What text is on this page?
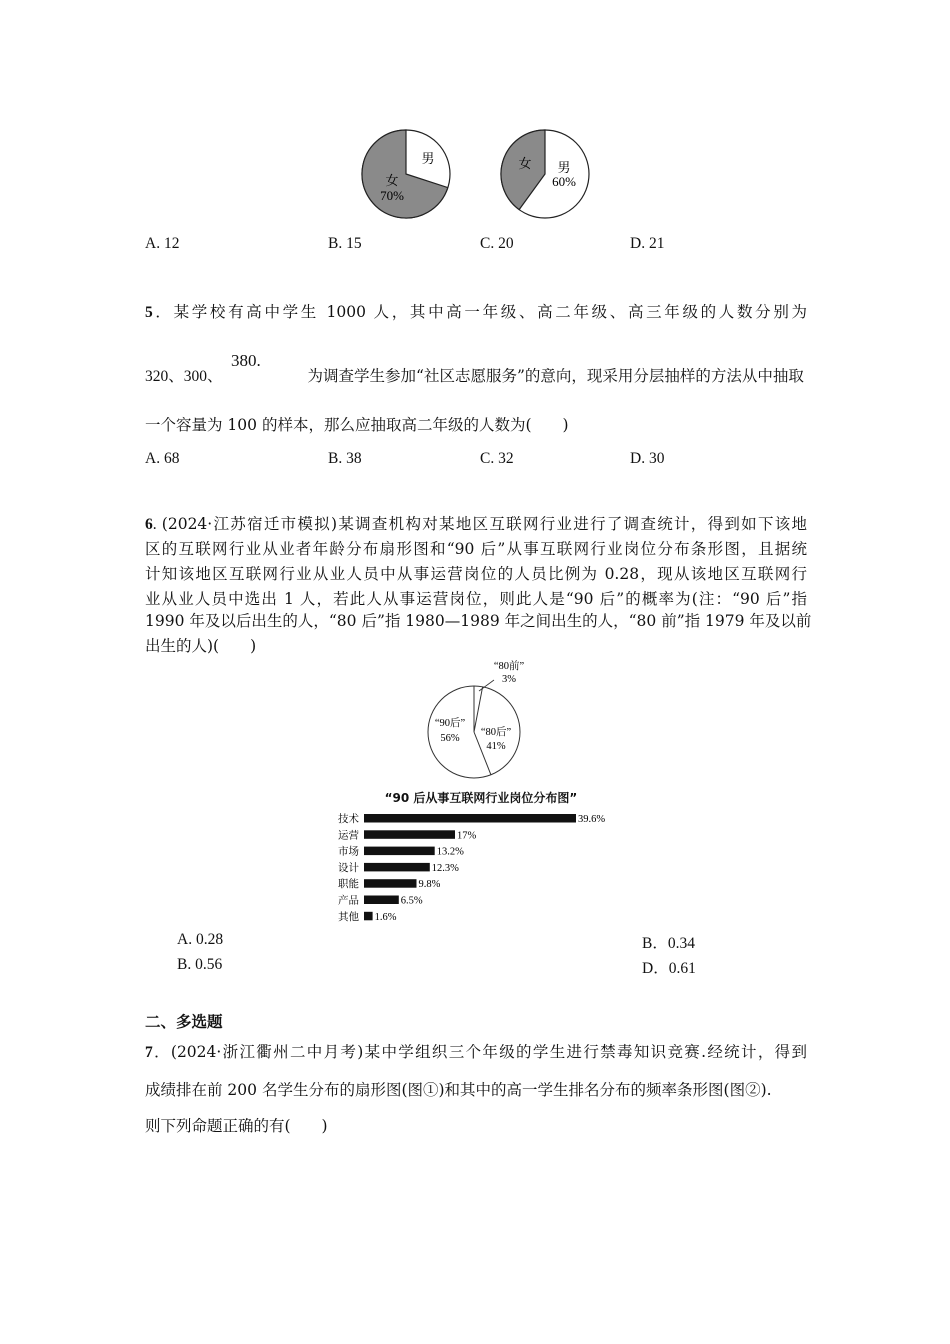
男
女
70%
女 男
60%
A. 12	B. 15	C. 20	D. 21
5．某学校有高中学生 1000 人，其中高一年级、高二年级、高三年级的人数分别为
320、300、	为调查学生参加“社区志愿服务”的意向，现采用分层抽样的方法从中抽取
380.
一个容量为 100 的样本，那么应抽取高二年级的人数为(　　)
A. 68	B. 38	C. 32	D. 30
6. (2024·江苏宿迁市模拟)某调查机构对某地区互联网行业进行了调查统计，得到如下该地
区的互联网行业从业者年龄分布扇形图和“90 后”从事互联网行业岗位分布条形图，且据统
计知该地区互联网行业从业人员中从事运营岗位的人员比例为 0.28，现从该地区互联网行
业从业人员中选出 1 人，若此人从事运营岗位，则此人是“90 后”的概率为(注：“90 后”指
1990 年及以后出生的人，“80 后”指 1980—1989 年之间出生的人，“80 前”指 1979 年及以前
出生的人)(　　)
“80前”
3%
“90后”
56%
“80后”
41%
“90 后从事互联网行业岗位分布图”
技术	39.6%
运营	17%
市场	13.2%
设计	12.3%
职能	9.8%
产品	6.5%
其他 1.6%
A. 0.28	B．0.34
B. 0.56	D．0.61
二、多选题
7．(2024·浙江衢州二中月考)某中学组织三个年级的学生进行禁毒知识竞赛.经统计，得到
成绩排在前 200 名学生分布的扇形图(图①)和其中的高一学生排名分布的频率条形图(图②).
则下列命题正确的有(　　)
